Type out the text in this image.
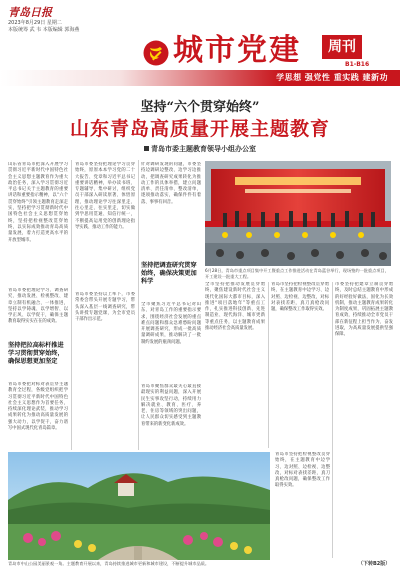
青岛日报
2023年8月29日 星期二
本版统筹 武 韦 本版编辑 郭海燕
城市党建	周刊
B1-B16
学思想 强党性 重实践 建新功
坚持“六个贯穿始终”
山东青岛高质量开展主题教育
青岛市委主题教育领导小组办公室

山东省青岛市把深入开展学习贯彻习近平新时代中国特色社会主义思想主题教育作为重大政治任务，深入学习贯彻习近平总书记关于主题教育的重要讲话和重要指示精神，以“六个贯穿始终”引领主题教育走深走实，坚持把学习贯彻新时代中国特色社会主义思想贯穿始终，坚持把检视整改贯穿始终，以实际成效推动青岛高质量发展，着力打造更高水平的开放型城市。

青岛市委把理论学习、调查研究、推动发展、检视整改、建章立制有机融合、一体推进，坚持以学铸魂、以学增智、以学正风、以学促干，确保主题教育取得实实在在的成效。

坚持把拉高标杆推进学习贯彻贯穿始终，确保思想更加坚定

青岛市委把对标对表贯穿主题教育全过程，各级党组织把学习贯彻习近平新时代中国特色社会主义思想作为首要任务，持续深化理论武装，推动学习成果转化为推动高质量发展的强大动力，以学促干，奋力谱写中国式现代化青岛篇章。

青岛市委坚持把理论学习贯穿始终，原原本本学习党的二十大报告、党章和习近平总书记重要讲话精神，举办读书班、专题辅导、集中研讨，组织党员干部深入研读原著、体悟原理，推动理论学习往深里走、往心里走、往实里走，切实做到学思用贯通、知信行统一，不断提高运用党的创新理论指导实践、推动工作的能力。

青岛市委坚持以上率下，市委常委会带头开展专题学习，带头深入基层一线调查研究，带头讲授专题党课，为全市党员干部作出示范。

针对调研发现的问题，市委坚持边调研边整改、边学习边推动，把调查研究成果转化为推动工作的具体举措，建立问题清单、责任清单、整改清单，逐项推动落实，确保件件有着落、事事有回音。

坚持把调查研究贯穿始终，确保决策更加科学

全市聚焦习近平总书记对山东、对青岛工作的重要指示要求，围绕经济社会发展的重点难点问题和群众急难愁盼问题开展调查研究，形成一批高质量调研成果，推动解决了一批制约发展的瓶颈问题。

青岛市聚焦群众最关心最直接最现实的利益问题，深入开展民生实事攻坚行动，持续用力解决就业、教育、医疗、养老、住房等领域的突出问题，让人民群众切实感受到主题教育带来的新变化新成效。

全市坚持把推动发展贯穿始终，聚焦建设新时代社会主义现代化国际大都市目标，深入推进“项目落地年”等重点工作，扎实推进科技创新、先进制造业、现代海洋、城市更新等重点任务，以主题教育成果推动经济社会高质量发展。

青岛市坚持把检视整改贯穿始终，在主题教育中边学习、边对照、边检视、边整改，对标对表找差距，真刀真枪改问题，确保整改工作取得实效。

市委坚持把建章立制贯穿始终，及时总结主题教育中形成的好经验好做法，固化为长效机制，推动主题教育成果转化为制度成果，巩固拓展主题教育成效，持续推动全市党员干部在新征程上担当作为、奋发进取，为高质量发展提供坚强保障。

青岛市坚持把检视整改贯穿始终，在主题教育中边学习、边对照、边检视、边整改，对标对表找差距，真刀真枪改问题，确保整改工作取得实效。

（下转B2版）
6月28日，青岛市重点项目集中开工暨重点工作推进活动在青岛蓝谷举行，现场签约一批重点项目，开工建设一批重大工程。
青岛市中山公园美丽景观一角。主题教育开展以来，青岛持续推进城市更新和城市建设，不断提升城市品质。
